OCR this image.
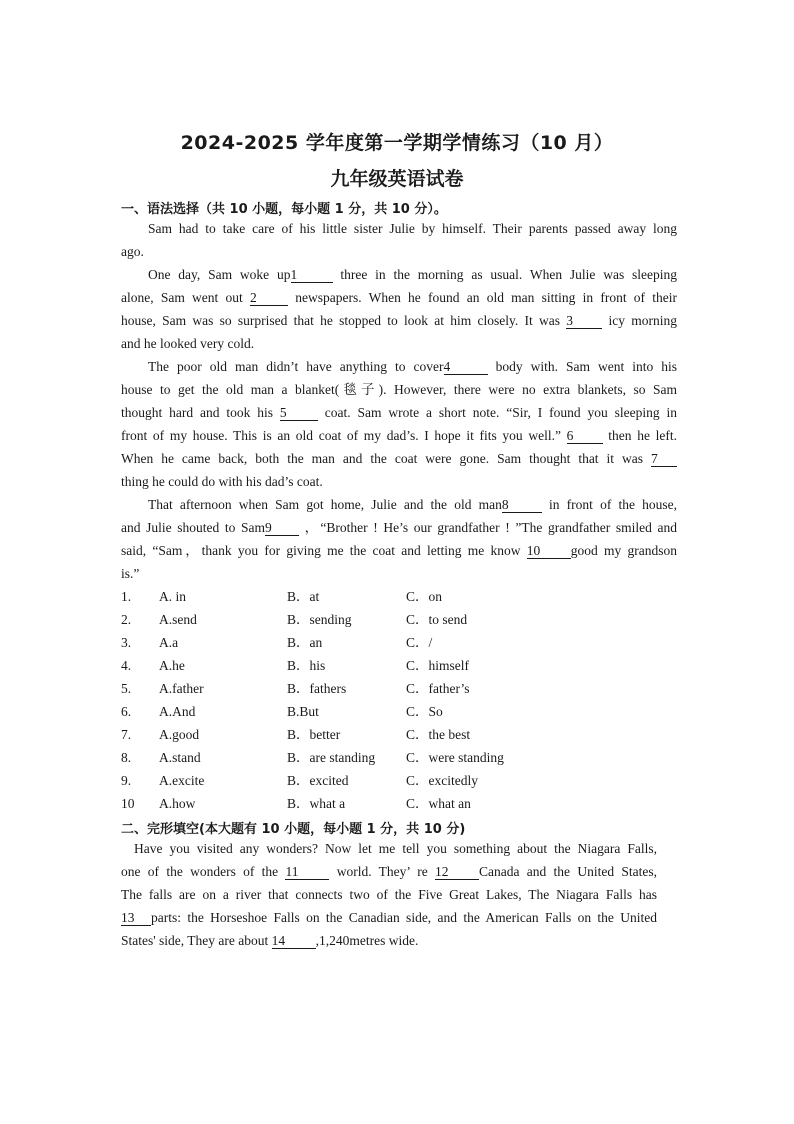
2024-2025 学年度第一学期学情练习（10 月）
九年级英语试卷
一、语法选择（共 10 小题，每小题 1 分，共 10 分）。
Sam had to take care of his little sister Julie by himself. Their parents passed away long
ago.
One day, Sam woke up1	three in the morning as usual. When Julie was sleeping
alone, Sam went out 2	newspapers. When he found an old man sitting in front of their
house, Sam was so surprised that he stopped to look at him closely. It was 3	icy morning
and he looked very cold.
The poor old man didn’t have anything to cover4	body with. Sam went into his
house to get the old man a blanket(毯子). However, there were no extra blankets, so Sam
thought hard and took his 5	coat. Sam wrote a short note. “Sir, I found you sleeping in
front of my house. This is an old coat of my dad’s. I hope it fits you well.” 6	then he left.
When he came back, both the man and the coat were gone. Sam thought that it was 7
thing he could do with his dad’s coat.
That afternoon when Sam got home, Julie and the old man8	in front of the house,
and Julie shouted to Sam9 ，“Brother ! He’s our grandfather ! ”The grandfather smiled and
said, “Sam，thank you for giving me the coat and letting me know 10 good my grandson
is.”
1. A. in	B．at	C．on
2. A.send	B．sending	C．to send
3. A.a	B．an	C．/
4. A.he	B．his	C．himself
5. A.father	B．fathers	C．father’s
6. A.And	B.But	C．So
7. A.good	B．better	C．the best
8. A.stand	B．are standing C．were standing
9. A.excite	B．excited	C．excitedly
10 A.how	B．what a	C．what an
二、完形填空(本大题有 10 小题，每小题 1 分，共 10 分)
Have you visited any wonders? Now let me tell you something about the Niagara Falls,
one of the wonders of the 11	world. They’ re 12 Canada and the United States,
The falls are on a river that connects two of the Five Great Lakes, The Niagara Falls has
13 parts: the Horseshoe Falls on the Canadian side, and the American Falls on the United
States' side, They are about 14 ,1,240metres wide.
